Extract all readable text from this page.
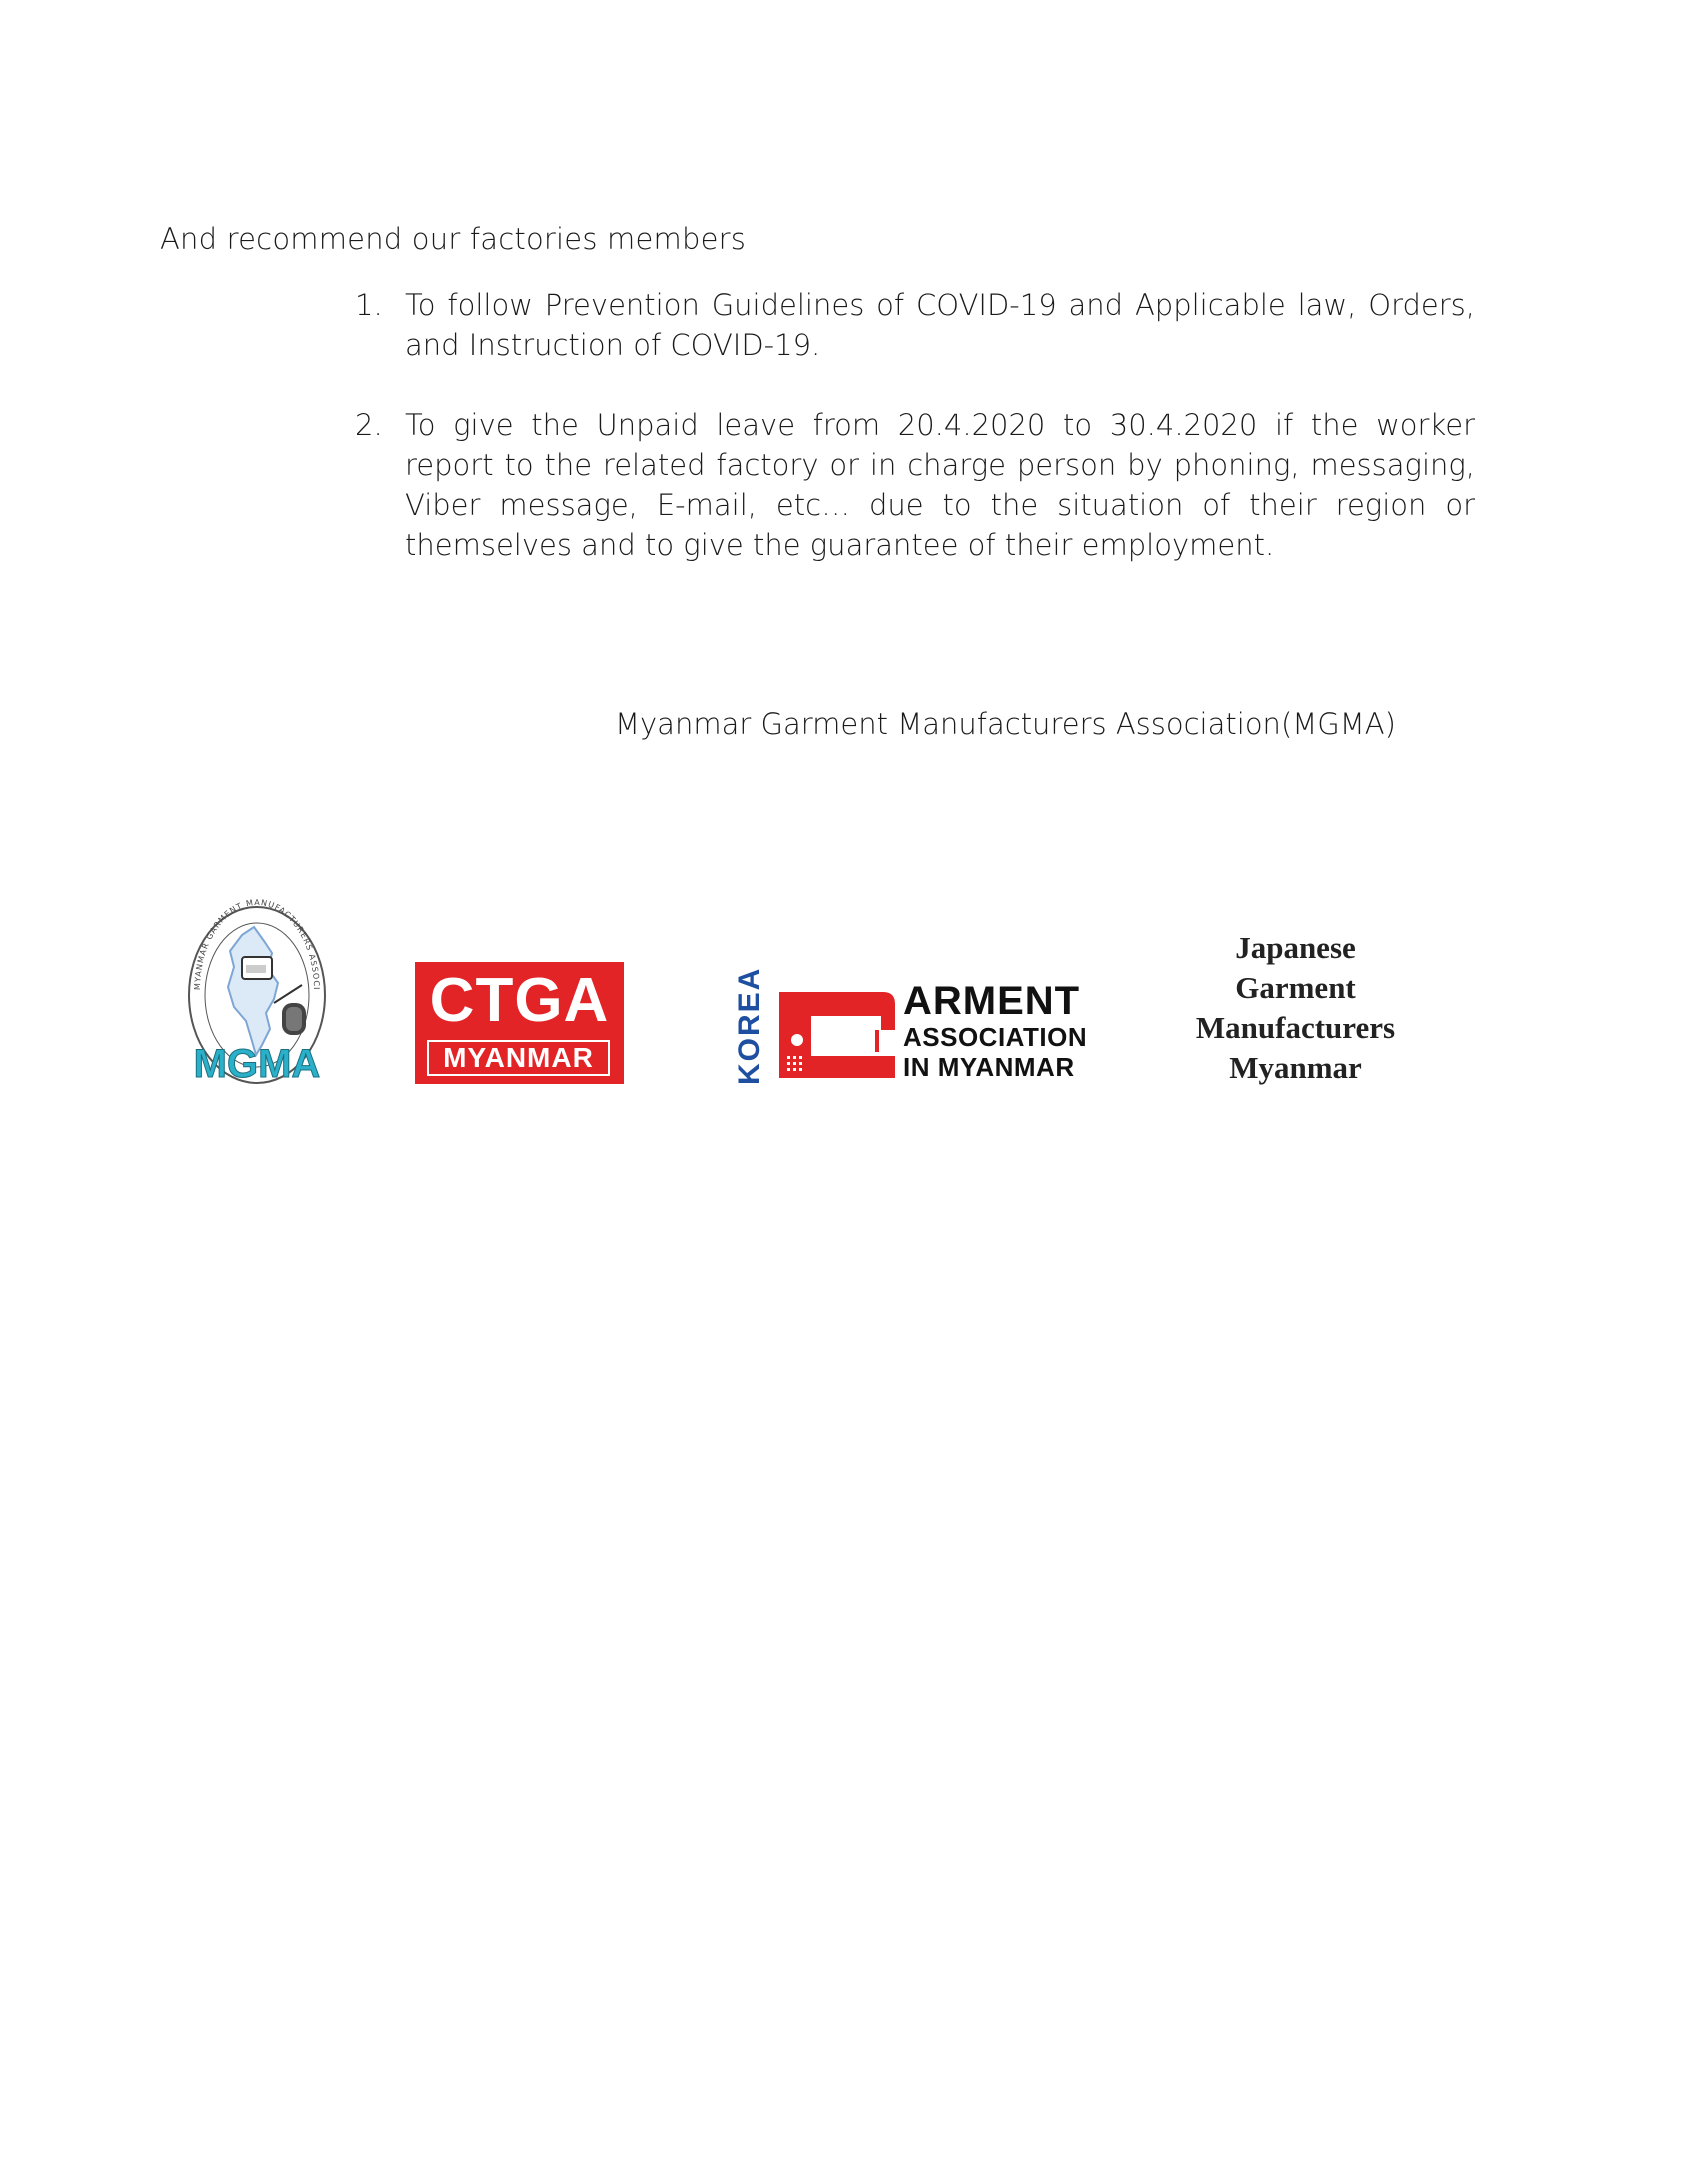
And recommend our factories members
1. To follow Prevention Guidelines of COVID-19 and Applicable law, Orders, and Instruction of COVID-19.
2. To give the Unpaid leave from 20.4.2020 to 30.4.2020 if the worker report to the related factory or in charge person by phoning, messaging, Viber message, E-mail, etc… due to the situation of their region or themselves and to give the guarantee of their employment.
Myanmar Garment Manufacturers Association(MGMA)
MYANMAR GARMENT MANUFACTURERS ASSOCI
MGMA
CTGA
MYANMAR	KOREA	ARMENT
ASSOCIATION
IN MYANMAR
Japanese
Garment
Manufacturers
Myanmar
